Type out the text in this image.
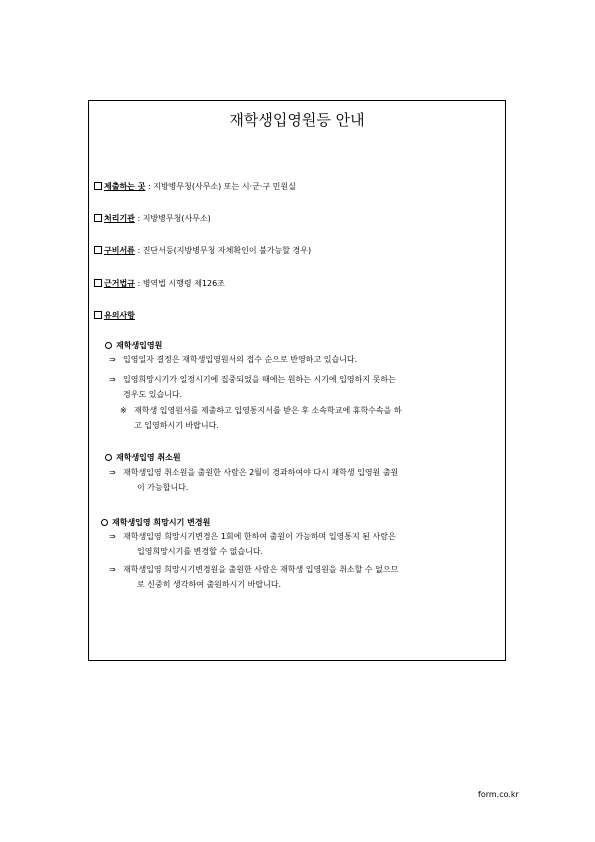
재학생입영원등 안내
제출하는 곳 : 지방병무청(사무소) 또는 시·군·구 민원실
처리기관 : 지방병무청(사무소)
구비서류 : 진단서등(지방병무청 자체확인이 불가능할 경우)
근거법규 : 병역법 시행령 제126조
유의사항
재학생입영원
⇒ 입영일자 결정은 재학생입영원서의 접수 순으로 반영하고 있습니다.
⇒ 입영희망시기가 일정시기에 집중되었을 때에는 원하는 시기에 입영하지 못하는
경우도 있습니다.
※ 재학생 입영원서를 제출하고 입영통지서를 받은 후 소속학교에 휴학수속을 하
고 입영하시기 바랍니다.
재학생입영 취소원
⇒ 재학생입영 취소원을 출원한 사람은 2월이 경과하여야 다시 재학생 입영원 출원
이 가능합니다.
재학생입영 희망시기 변경원
⇒ 재학생입영 희망시기변경은 1회에 한하여 출원이 가능하며 입영통지 된 사람은
입영희망시기를 변경할 수 없습니다.
⇒ 재학생입영 희망시기변경원을 출원한 사람은 재학생 입영원을 취소할 수 없으므
로 신중히 생각하여 출원하시기 바랍니다.
form.co.kr
